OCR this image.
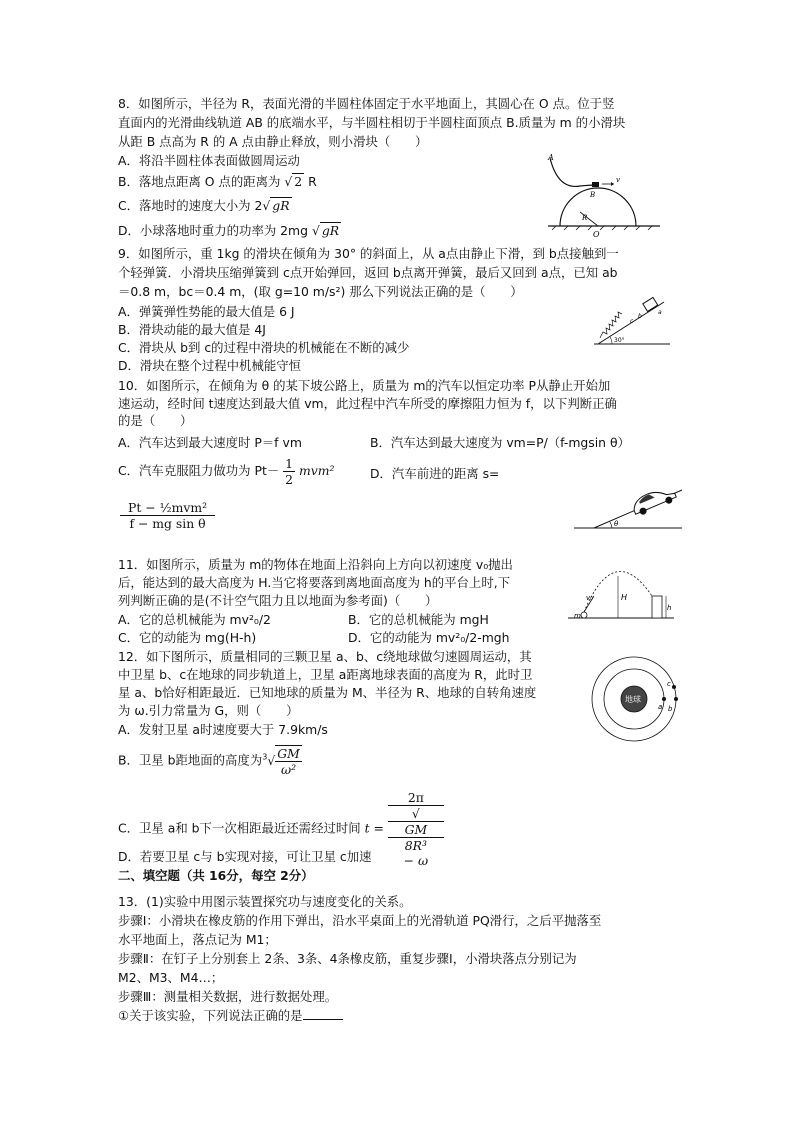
8．如图所示，半径为 R，表面光滑的半圆柱体固定于水平地面上，其圆心在 O 点。位于竖
直面内的光滑曲线轨道 AB 的底端水平，与半圆柱相切于半圆柱面顶点 B.质量为 m 的小滑块
从距 B 点高为 R 的 A 点由静止释放，则小滑块（　　）
A．将沿半圆柱体表面做圆周运动
B．落地点距离 O 点的距离为 √ 2 R
C．落地时的速度大小为 2√ gR
D．小球落地时重力的功率为 2mg √ gR
A
B
v
R
O
9．如图所示，重 1kg 的滑块在倾角为 30° 的斜面上，从 a点由静止下滑，到 b点接触到一
个轻弹簧．小滑块压缩弹簧到 c点开始弹回，返回 b点离开弹簧，最后又回到 a点，已知 ab
＝0.8 m，bc＝0.4 m，(取 g=10 m/s²) 那么下列说法正确的是（　　）
A．弹簧弹性势能的最大值是 6 J
B．滑块动能的最大值是 4J
C．滑块从 b到 c的过程中滑块的机械能在不断的减少
D．滑块在整个过程中机械能守恒
30°
c
b
a
10．如图所示，在倾角为 θ 的某下坡公路上，质量为 m的汽车以恒定功率 P从静止开始加
速运动，经时间 t速度达到最大值 vm，此过程中汽车所受的摩擦阻力恒为 f，以下判断正确
的是（　　）
A．汽车达到最大速度时 P＝f vm	B．汽车达到最大速度为 vm=P/（f-mgsin θ）
C．汽车克服阻力做功为 $Pt- \frac{1}{2} mvm^2$	D．汽车前进的距离 s=
$\frac{\text{Pt − ½mvm²}}{\text{f − mg sin θ}}$	θ
11．如图所示，质量为 m的物体在地面上沿斜向上方向以初速度 v₀抛出
后，能达到的最大高度为 H.当它将要落到离地面高度为 h的平台上时,下
列判断正确的是(不计空气阻力且以地面为参考面)（　　）
A．它的总机械能为 mv²₀/2	B．它的总机械能为 mgH
C．它的动能为 mg(H-h)	D．它的动能为 mv²₀/2-mgh
v₀
m
H
h
12．如下图所示，质量相同的三颗卫星 a、b、c绕地球做匀速圆周运动，其
中卫星 b、c在地球的同步轨道上，卫星 a距离地球表面的高度为 R，此时卫
星 a、b恰好相距最近．已知地球的质量为 M、半径为 R、地球的自转角速度
为 ω.引力常量为 G，则（　　）
A．发射卫星 a时速度要大于 7.9km/s
B．卫星 b距地面的高度为$^3√ \frac{GM}{\text{ω²}}$
C．卫星 a和 b下一次相距最近还需经过时间 t = 2π
√
GM
8R³
− ω
D．若要卫星 c与 b实现对接，可让卫星 c加速
地球
a b
c
二、填空题（共 16分，每空 2分）
13．(1)实验中用图示装置探究功与速度变化的关系。
步骤Ⅰ：小滑块在橡皮筋的作用下弹出，沿水平桌面上的光滑轨道 PQ滑行，之后平抛落至
水平地面上，落点记为 M1；
步骤Ⅱ：在钉子上分别套上 2条、3条、4条橡皮筋，重复步骤Ⅰ，小滑块落点分别记为
M2、M3、M4…；
步骤Ⅲ：测量相关数据，进行数据处理。
①关于该实验，下列说法正确的是
